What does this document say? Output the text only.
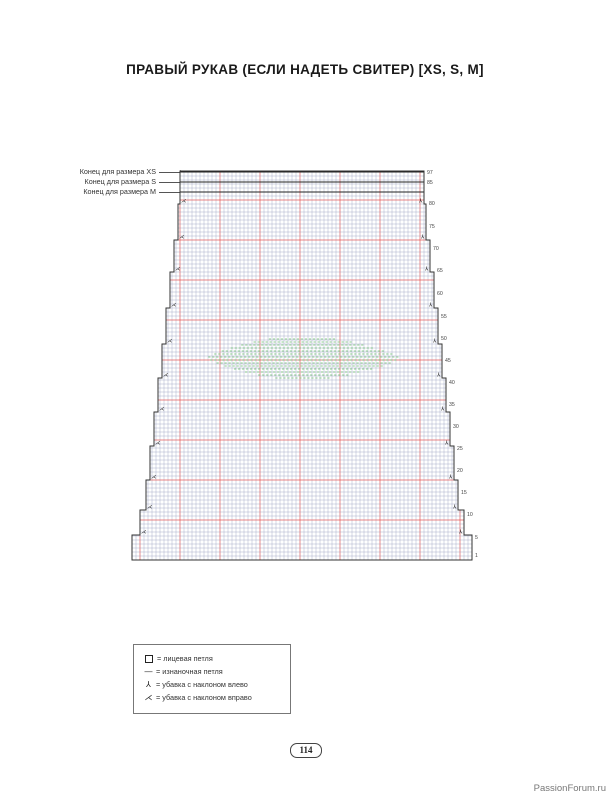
ПРАВЫЙ РУКАВ (ЕСЛИ НАДЕТЬ СВИТЕР) [XS, S, M]
Конец для размера XS
Конец для размера S
Конец для размера M
⋌	⅄
⋌	⅄
⋌	⅄
⋌	⅄
⋌	⅄
⋌	⅄
⋌	⅄
⋌	⅄
⋌	⅄
⋌	⅄
⋌	⅄
97
85
80
75
70
65
60
55
50
45
40
35
30
25
20
15
10
5
1
= лицевая петля
— = изнаночная петля
⅄ = убавка с наклоном влево
⋌ = убавка с наклоном вправо
114
PassionForum.ru
